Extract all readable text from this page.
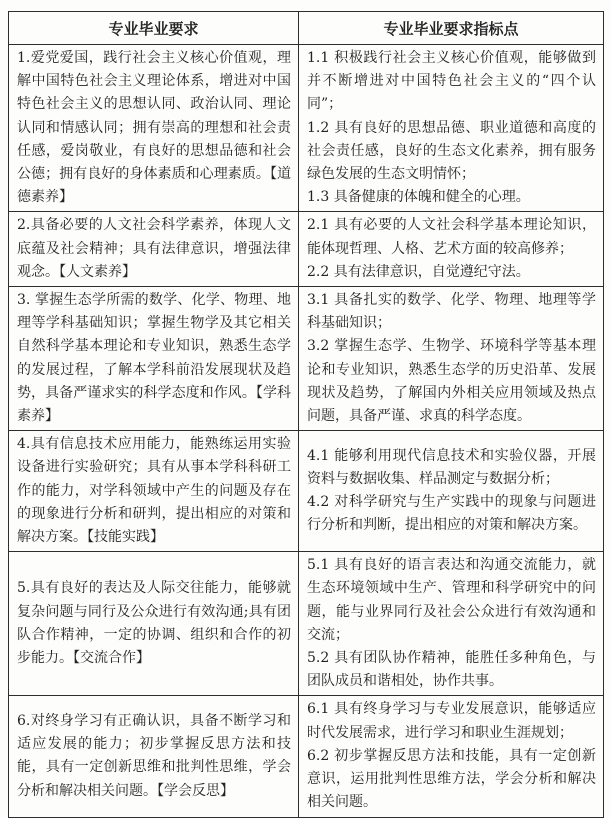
专业毕业要求	专业毕业要求指标点
1.爱党爱国，践行社会主义核心价值观，理解中国特色社会主义理论体系，增进对中国特色社会主义的思想认同、政治认同、理论认同和情感认同；拥有崇高的理想和社会责任感，爱岗敬业，有良好的思想品德和社会公德；拥有良好的身体素质和心理素质。【道德素养】	1.1 积极践行社会主义核心价值观，能够做到并不断增进对中国特色社会主义的“四个认同”；

1.2 具有良好的思想品德、职业道德和高度的社会责任感，良好的生态文化素养，拥有服务绿色发展的生态文明情怀；

1.3 具备健康的体魄和健全的心理。

2.具备必要的人文社会科学素养，体现人文底蕴及社会精神；具有法律意识，增强法律观念。【人文素养】	2.1 具有必要的人文社会科学基本理论知识，能体现哲理、人格、艺术方面的较高修养；

2.2 具有法律意识，自觉遵纪守法。

3. 掌握生态学所需的数学、化学、物理、地理等学科基础知识；掌握生物学及其它相关自然科学基本理论和专业知识，熟悉生态学的发展过程，了解本学科前沿发展现状及趋势，具备严谨求实的科学态度和作风。【学科素养】	3.1 具备扎实的数学、化学、物理、地理等学科基础知识；

3.2 掌握生态学、生物学、环境科学等基本理论和专业知识，熟悉生态学的历史沿革、发展现状及趋势，了解国内外相关应用领域及热点问题，具备严谨、求真的科学态度。

4.具有信息技术应用能力，能熟练运用实验设备进行实验研究；具有从事本学科科研工作的能力，对学科领域中产生的问题及存在的现象进行分析和研判，提出相应的对策和解决方案。【技能实践】	4.1 能够利用现代信息技术和实验仪器，开展资料与数据收集、样品测定与数据分析；

4.2 对科学研究与生产实践中的现象与问题进行分析和判断，提出相应的对策和解决方案。

5.具有良好的表达及人际交往能力，能够就复杂问题与同行及公众进行有效沟通;具有团队合作精神，一定的协调、组织和合作的初步能力。【交流合作】	5.1 具有良好的语言表达和沟通交流能力，就生态环境领域中生产、管理和科学研究中的问题，能与业界同行及社会公众进行有效沟通和交流；

5.2 具有团队协作精神，能胜任多种角色，与团队成员和谐相处，协作共事。

6.对终身学习有正确认识，具备不断学习和适应发展的能力；初步掌握反思方法和技能，具有一定创新思维和批判性思维，学会分析和解决相关问题。【学会反思】	6.1 具有终身学习与专业发展意识，能够适应时代发展需求，进行学习和职业生涯规划；

6.2 初步掌握反思方法和技能，具有一定创新意识，运用批判性思维方法，学会分析和解决相关问题。
